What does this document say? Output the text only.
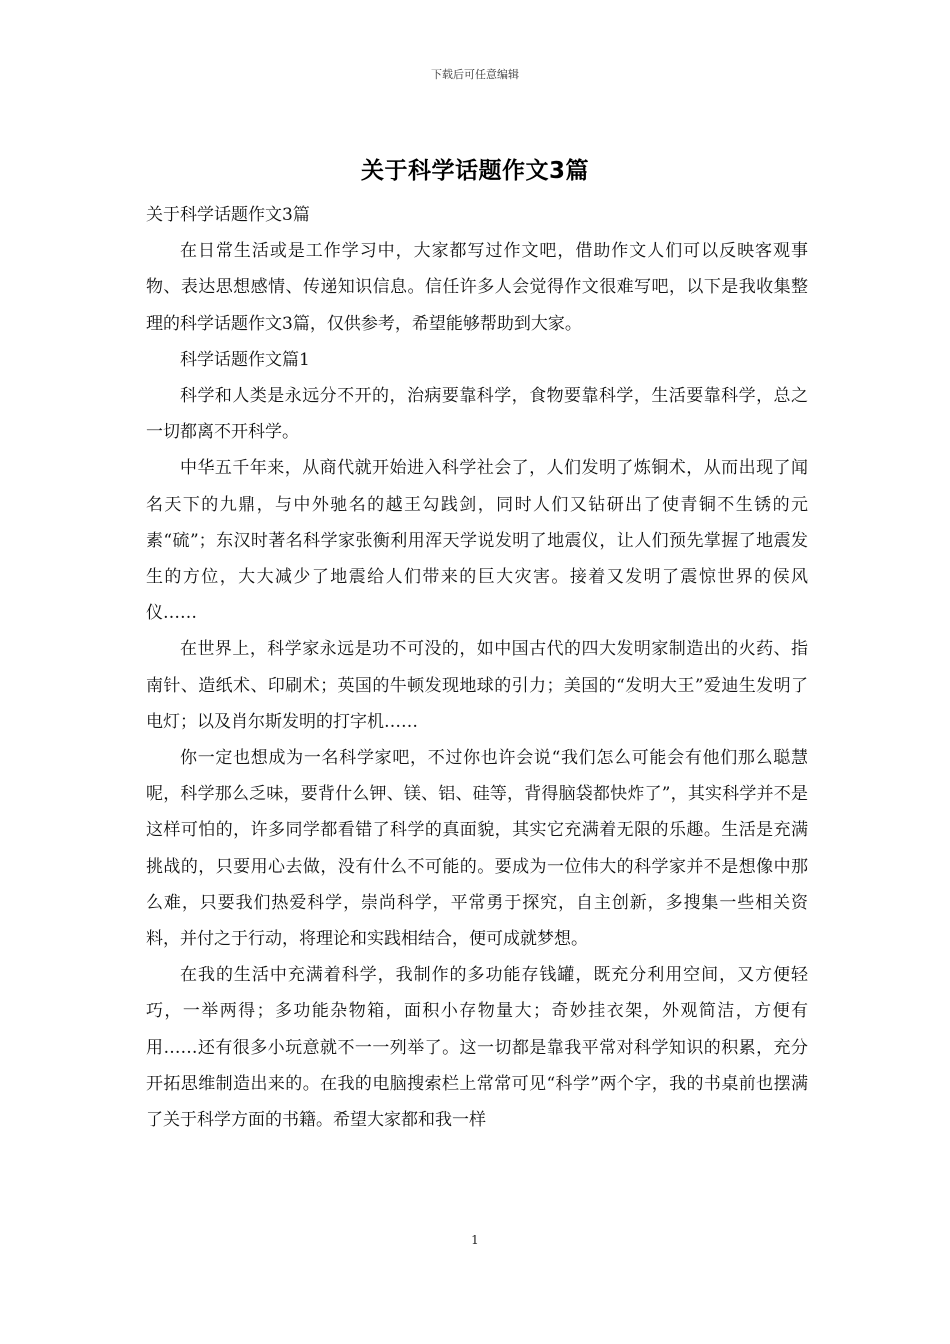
下载后可任意编辑
关于科学话题作文3篇

关于科学话题作文3篇

在日常生活或是工作学习中，大家都写过作文吧，借助作文人们可以反映客观事物、表达思想感情、传递知识信息。信任许多人会觉得作文很难写吧，以下是我收集整理的科学话题作文3篇，仅供参考，希望能够帮助到大家。

科学话题作文篇1

科学和人类是永远分不开的，治病要靠科学，食物要靠科学，生活要靠科学，总之一切都离不开科学。

中华五千年来，从商代就开始进入科学社会了，人们发明了炼铜术，从而出现了闻名天下的九鼎，与中外驰名的越王勾践剑，同时人们又钻研出了使青铜不生锈的元素“硫”；东汉时著名科学家张衡利用浑天学说发明了地震仪，让人们预先掌握了地震发生的方位，大大减少了地震给人们带来的巨大灾害。接着又发明了震惊世界的侯风仪……

在世界上，科学家永远是功不可没的，如中国古代的四大发明家制造出的火药、指南针、造纸术、印刷术；英国的牛顿发现地球的引力；美国的“发明大王”爱迪生发明了电灯；以及肖尔斯发明的打字机……

你一定也想成为一名科学家吧，不过你也许会说“我们怎么可能会有他们那么聪慧呢，科学那么乏味，要背什么钾、镁、铝、硅等，背得脑袋都快炸了”，其实科学并不是这样可怕的，许多同学都看错了科学的真面貌，其实它充满着无限的乐趣。生活是充满挑战的，只要用心去做，没有什么不可能的。要成为一位伟大的科学家并不是想像中那么难，只要我们热爱科学，崇尚科学，平常勇于探究，自主创新，多搜集一些相关资料，并付之于行动，将理论和实践相结合，便可成就梦想。

在我的生活中充满着科学，我制作的多功能存钱罐，既充分利用空间，又方便轻巧，一举两得；多功能杂物箱，面积小存物量大；奇妙挂衣架，外观简洁，方便有用……还有很多小玩意就不一一列举了。这一切都是靠我平常对科学知识的积累，充分开拓思维制造出来的。在我的电脑搜索栏上常常可见“科学”两个字，我的书桌前也摆满了关于科学方面的书籍。希望大家都和我一样

1
